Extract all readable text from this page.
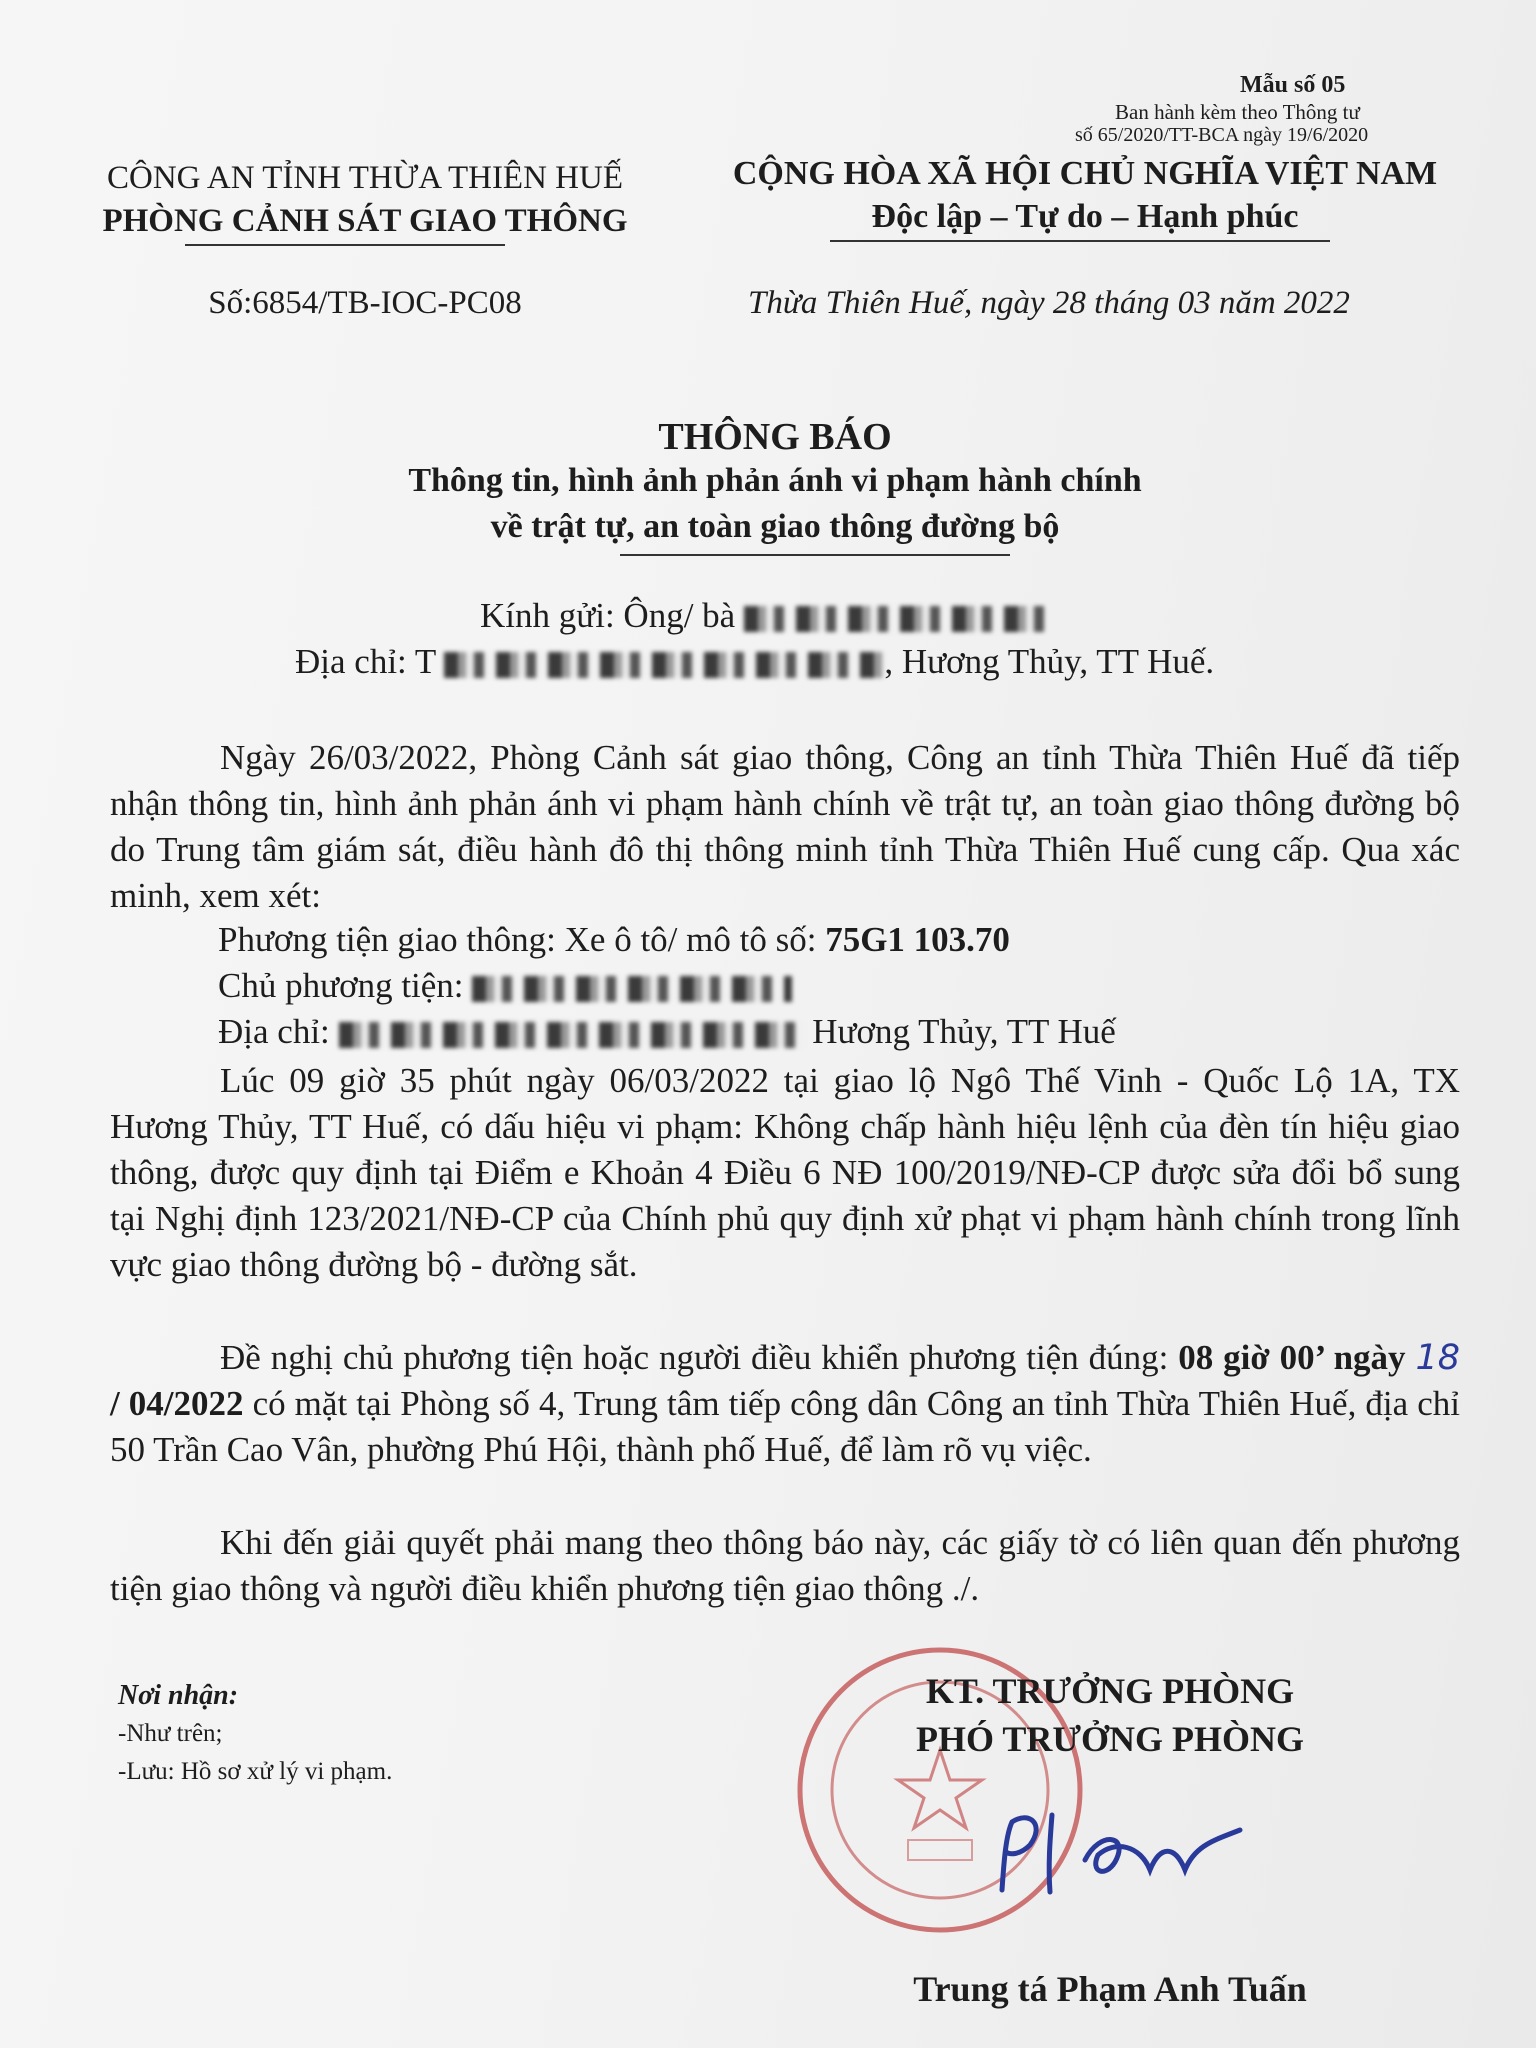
Mẫu số 05
Ban hành kèm theo Thông tư
số 65/2020/TT-BCA ngày 19/6/2020
CÔNG AN TỈNH THỪA THIÊN HUẾ
PHÒNG CẢNH SÁT GIAO THÔNG
Số:6854/TB-IOC-PC08
CỘNG HÒA XÃ HỘI CHỦ NGHĨA VIỆT NAM
Độc lập – Tự do – Hạnh phúc
Thừa Thiên Huế, ngày 28 tháng 03 năm 2022
THÔNG BÁO
Thông tin, hình ảnh phản ánh vi phạm hành chính
về trật tự, an toàn giao thông đường bộ
Kính gửi: Ông/ bà
Địa chỉ: T	, Hương Thủy, TT Huế.

Ngày 26/03/2022, Phòng Cảnh sát giao thông, Công an tỉnh Thừa Thiên Huế đã tiếp nhận thông tin, hình ảnh phản ánh vi phạm hành chính về trật tự, an toàn giao thông đường bộ do Trung tâm giám sát, điều hành đô thị thông minh tỉnh Thừa Thiên Huế cung cấp. Qua xác minh, xem xét:

Phương tiện giao thông: Xe ô tô/ mô tô số: 75G1 103.70
Chủ phương tiện:
Địa chỉ:	Hương Thủy, TT Huế

Lúc 09 giờ 35 phút ngày 06/03/2022 tại giao lộ Ngô Thế Vinh - Quốc Lộ 1A, TX Hương Thủy, TT Huế, có dấu hiệu vi phạm: Không chấp hành hiệu lệnh của đèn tín hiệu giao thông, được quy định tại Điểm e Khoản 4 Điều 6 NĐ 100/2019/NĐ-CP được sửa đổi bổ sung tại Nghị định 123/2021/NĐ-CP của Chính phủ quy định xử phạt vi phạm hành chính trong lĩnh vực giao thông đường bộ - đường sắt.

Đề nghị chủ phương tiện hoặc người điều khiển phương tiện đúng: 08 giờ 00’ ngày 18 / 04/2022 có mặt tại Phòng số 4, Trung tâm tiếp công dân Công an tỉnh Thừa Thiên Huế, địa chỉ 50 Trần Cao Vân, phường Phú Hội, thành phố Huế, để làm rõ vụ việc.

Khi đến giải quyết phải mang theo thông báo này, các giấy tờ có liên quan đến phương tiện giao thông và người điều khiển phương tiện giao thông ./.

Nơi nhận:
-Như trên;
-Lưu: Hồ sơ xử lý vi phạm.
KT. TRƯỞNG PHÒNG
PHÓ TRƯỞNG PHÒNG
Trung tá Phạm Anh Tuấn
